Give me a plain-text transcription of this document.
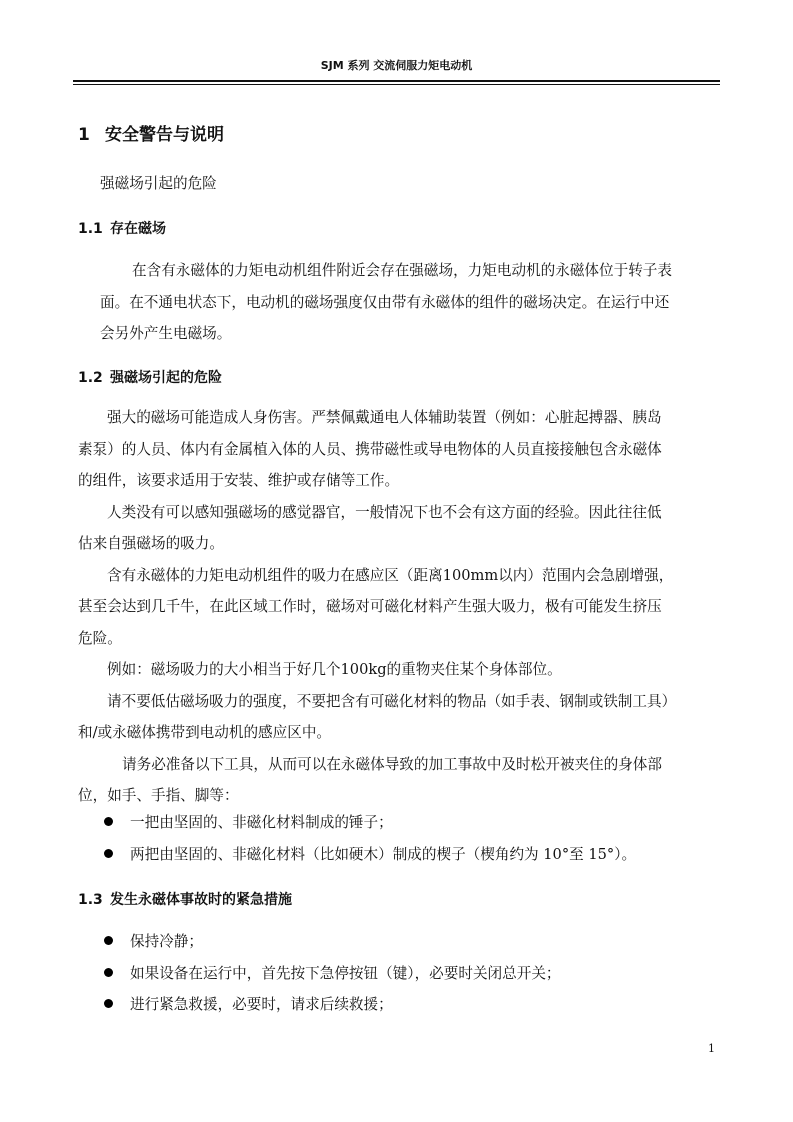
SJM 系列 交流伺服力矩电动机
1 安全警告与说明
强磁场引起的危险
1.1 存在磁场

在含有永磁体的力矩电动机组件附近会存在强磁场，力矩电动机的永磁体位于转子表

面。在不通电状态下，电动机的磁场强度仅由带有永磁体的组件的磁场决定。在运行中还

会另外产生电磁场。

1.2 强磁场引起的危险

强大的磁场可能造成人身伤害。严禁佩戴通电人体辅助装置（例如：心脏起搏器、胰岛

素泵）的人员、体内有金属植入体的人员、携带磁性或导电物体的人员直接接触包含永磁体

的组件，该要求适用于安装、维护或存储等工作。

人类没有可以感知强磁场的感觉器官，一般情况下也不会有这方面的经验。因此往往低

估来自强磁场的吸力。

含有永磁体的力矩电动机组件的吸力在感应区（距离100mm以内）范围内会急剧增强，

甚至会达到几千牛，在此区域工作时，磁场对可磁化材料产生强大吸力，极有可能发生挤压

危险。

例如：磁场吸力的大小相当于好几个100kg的重物夹住某个身体部位。

请不要低估磁场吸力的强度，不要把含有可磁化材料的物品（如手表、钢制或铁制工具）

和/或永磁体携带到电动机的感应区中。

请务必准备以下工具，从而可以在永磁体导致的加工事故中及时松开被夹住的身体部

位，如手、手指、脚等：

一把由坚固的、非磁化材料制成的锤子；
两把由坚固的、非磁化材料（比如硬木）制成的楔子（楔角约为 10°至 15°）。
1.3 发生永磁体事故时的紧急措施
保持冷静；
如果设备在运行中，首先按下急停按钮（键），必要时关闭总开关；
进行紧急救援，必要时，请求后续救援；
1
